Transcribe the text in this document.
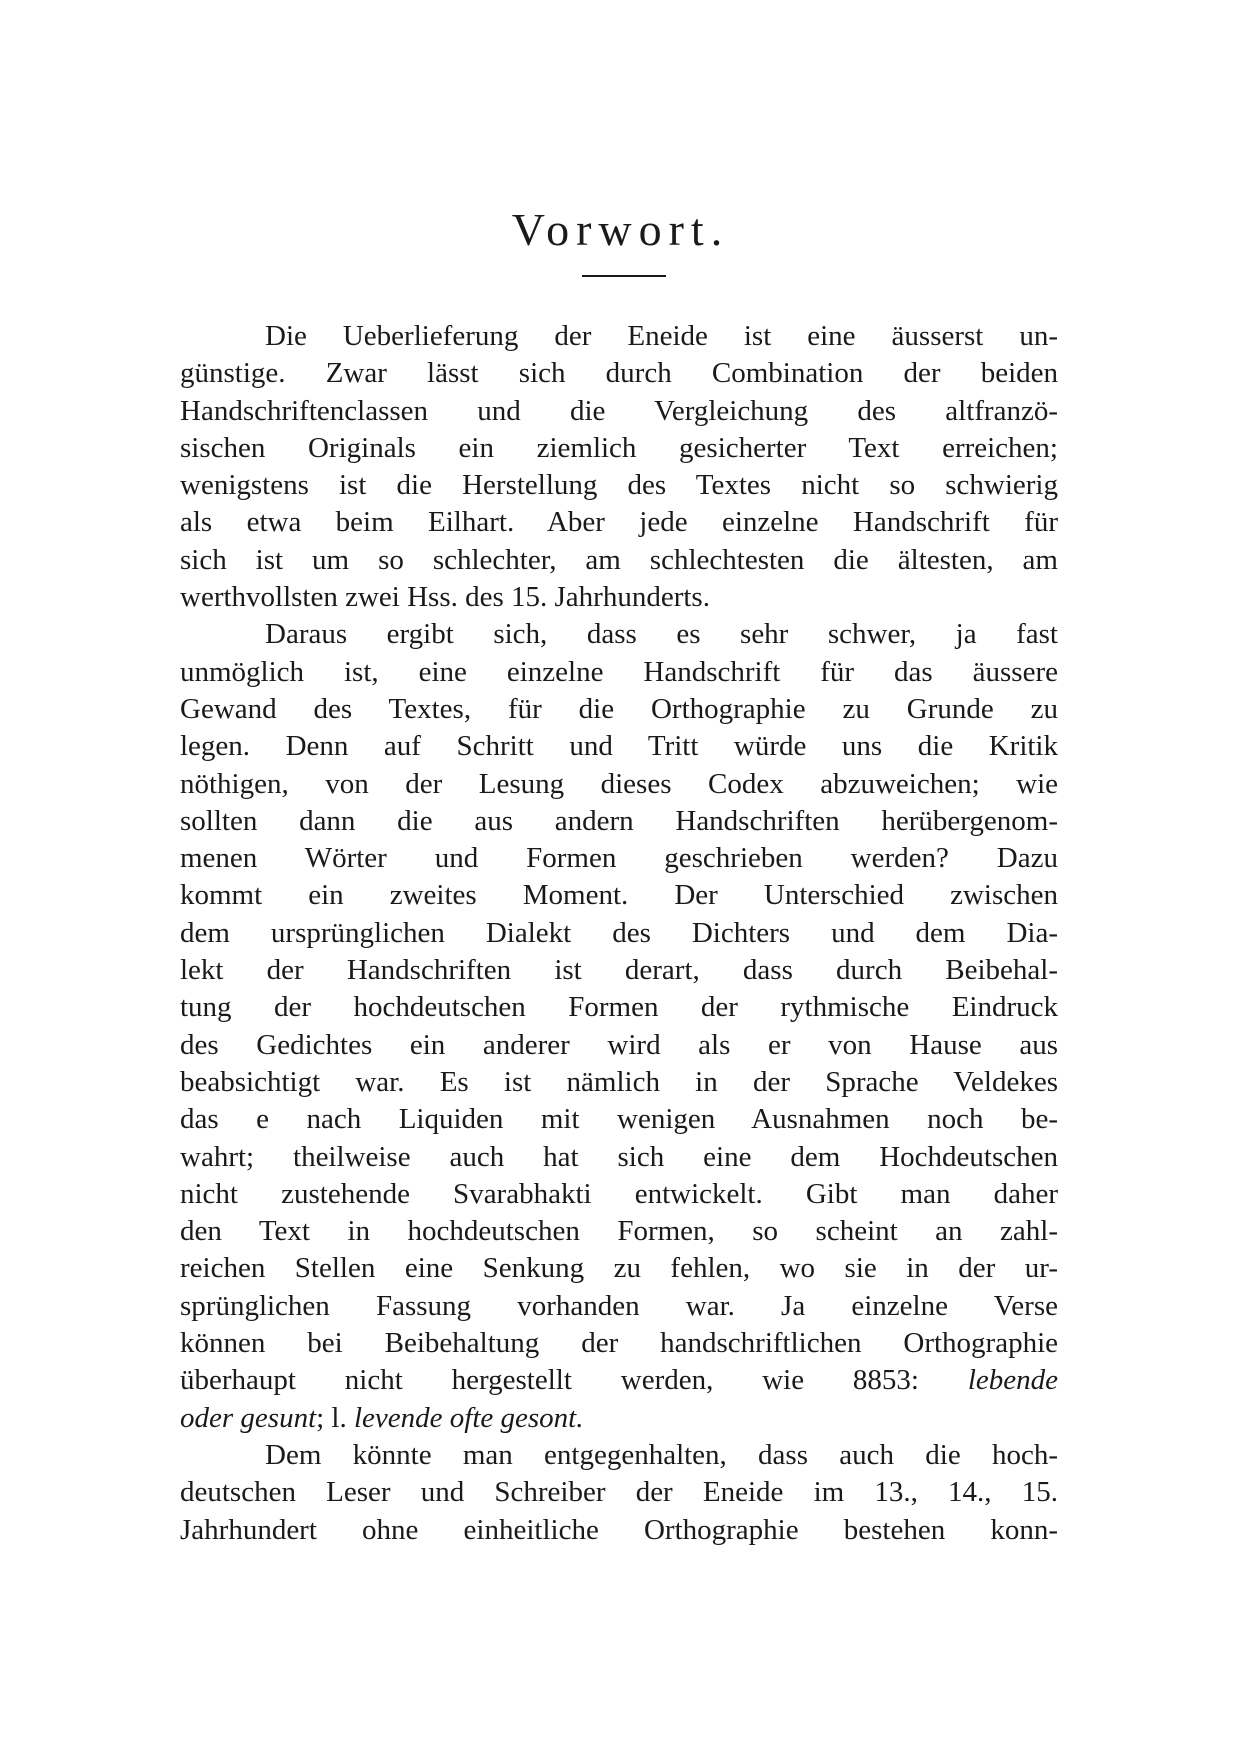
Vorwort.
Die Ueberlieferung der Eneide ist eine äusserst un-
günstige. Zwar lässt sich durch Combination der beiden
Handschriftenclassen und die Vergleichung des altfranzö-
sischen Originals ein ziemlich gesicherter Text erreichen;
wenigstens ist die Herstellung des Textes nicht so schwierig
als etwa beim Eilhart. Aber jede einzelne Handschrift für
sich ist um so schlechter, am schlechtesten die ältesten, am
werthvollsten zwei Hss. des 15. Jahrhunderts.
Daraus ergibt sich, dass es sehr schwer, ja fast
unmöglich ist, eine einzelne Handschrift für das äussere
Gewand des Textes, für die Orthographie zu Grunde zu
legen. Denn auf Schritt und Tritt würde uns die Kritik
nöthigen, von der Lesung dieses Codex abzuweichen; wie
sollten dann die aus andern Handschriften herübergenom-
menen Wörter und Formen geschrieben werden? Dazu
kommt ein zweites Moment. Der Unterschied zwischen
dem ursprünglichen Dialekt des Dichters und dem Dia-
lekt der Handschriften ist derart, dass durch Beibehal-
tung der hochdeutschen Formen der rythmische Eindruck
des Gedichtes ein anderer wird als er von Hause aus
beabsichtigt war. Es ist nämlich in der Sprache Veldekes
das e nach Liquiden mit wenigen Ausnahmen noch be-
wahrt; theilweise auch hat sich eine dem Hochdeutschen
nicht zustehende Svarabhakti entwickelt. Gibt man daher
den Text in hochdeutschen Formen, so scheint an zahl-
reichen Stellen eine Senkung zu fehlen, wo sie in der ur-
sprünglichen Fassung vorhanden war. Ja einzelne Verse
können bei Beibehaltung der handschriftlichen Orthographie
überhaupt nicht hergestellt werden, wie 8853: lebende
oder gesunt; l. levende ofte gesont.
Dem könnte man entgegenhalten, dass auch die hoch-
deutschen Leser und Schreiber der Eneide im 13., 14., 15.
Jahrhundert ohne einheitliche Orthographie bestehen konn-
